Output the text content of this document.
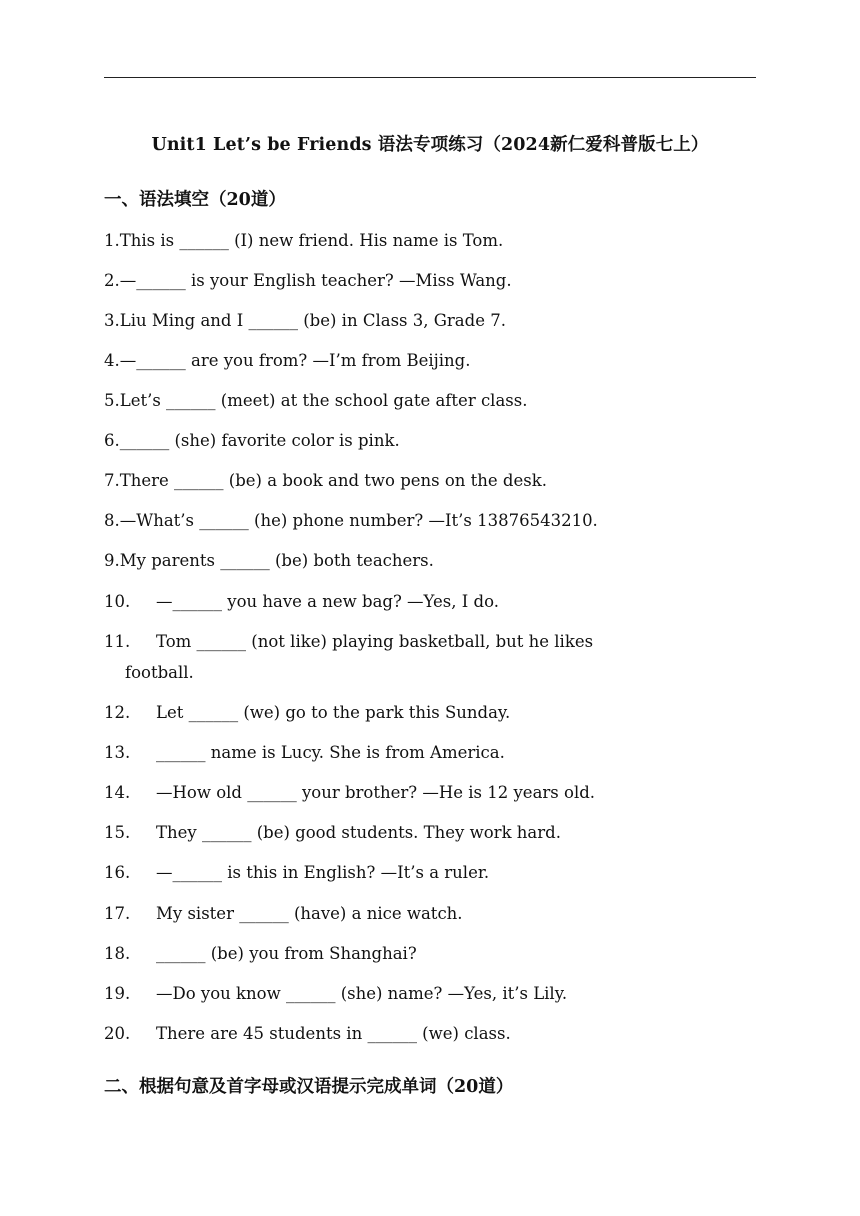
Unit1 Let’s be Friends 语法专项练习（2024新仁爱科普版七上）
一、语法填空（20道）
1.This is ______ (I) new friend. His name is Tom.
2.—______ is your English teacher? —Miss Wang.
3.Liu Ming and I ______ (be) in Class 3, Grade 7.
4.—______ are you from? —I’m from Beijing.
5.Let’s ______ (meet) at the school gate after class.
6.______ (she) favorite color is pink.
7.There ______ (be) a book and two pens on the desk.
8.—What’s ______ (he) phone number? —It’s 13876543210.
9.My parents ______ (be) both teachers.
10. —______ you have a new bag? —Yes, I do.
11. Tom ______ (not like) playing basketball, but he likes
football.
12. Let ______ (we) go to the park this Sunday.
13. ______ name is Lucy. She is from America.
14. —How old ______ your brother? —He is 12 years old.
15. They ______ (be) good students. They work hard.
16. —______ is this in English? —It’s a ruler.
17. My sister ______ (have) a nice watch.
18. ______ (be) you from Shanghai?
19. —Do you know ______ (she) name? —Yes, it’s Lily.
20. There are 45 students in ______ (we) class.
二、根据句意及首字母或汉语提示完成单词（20道）
